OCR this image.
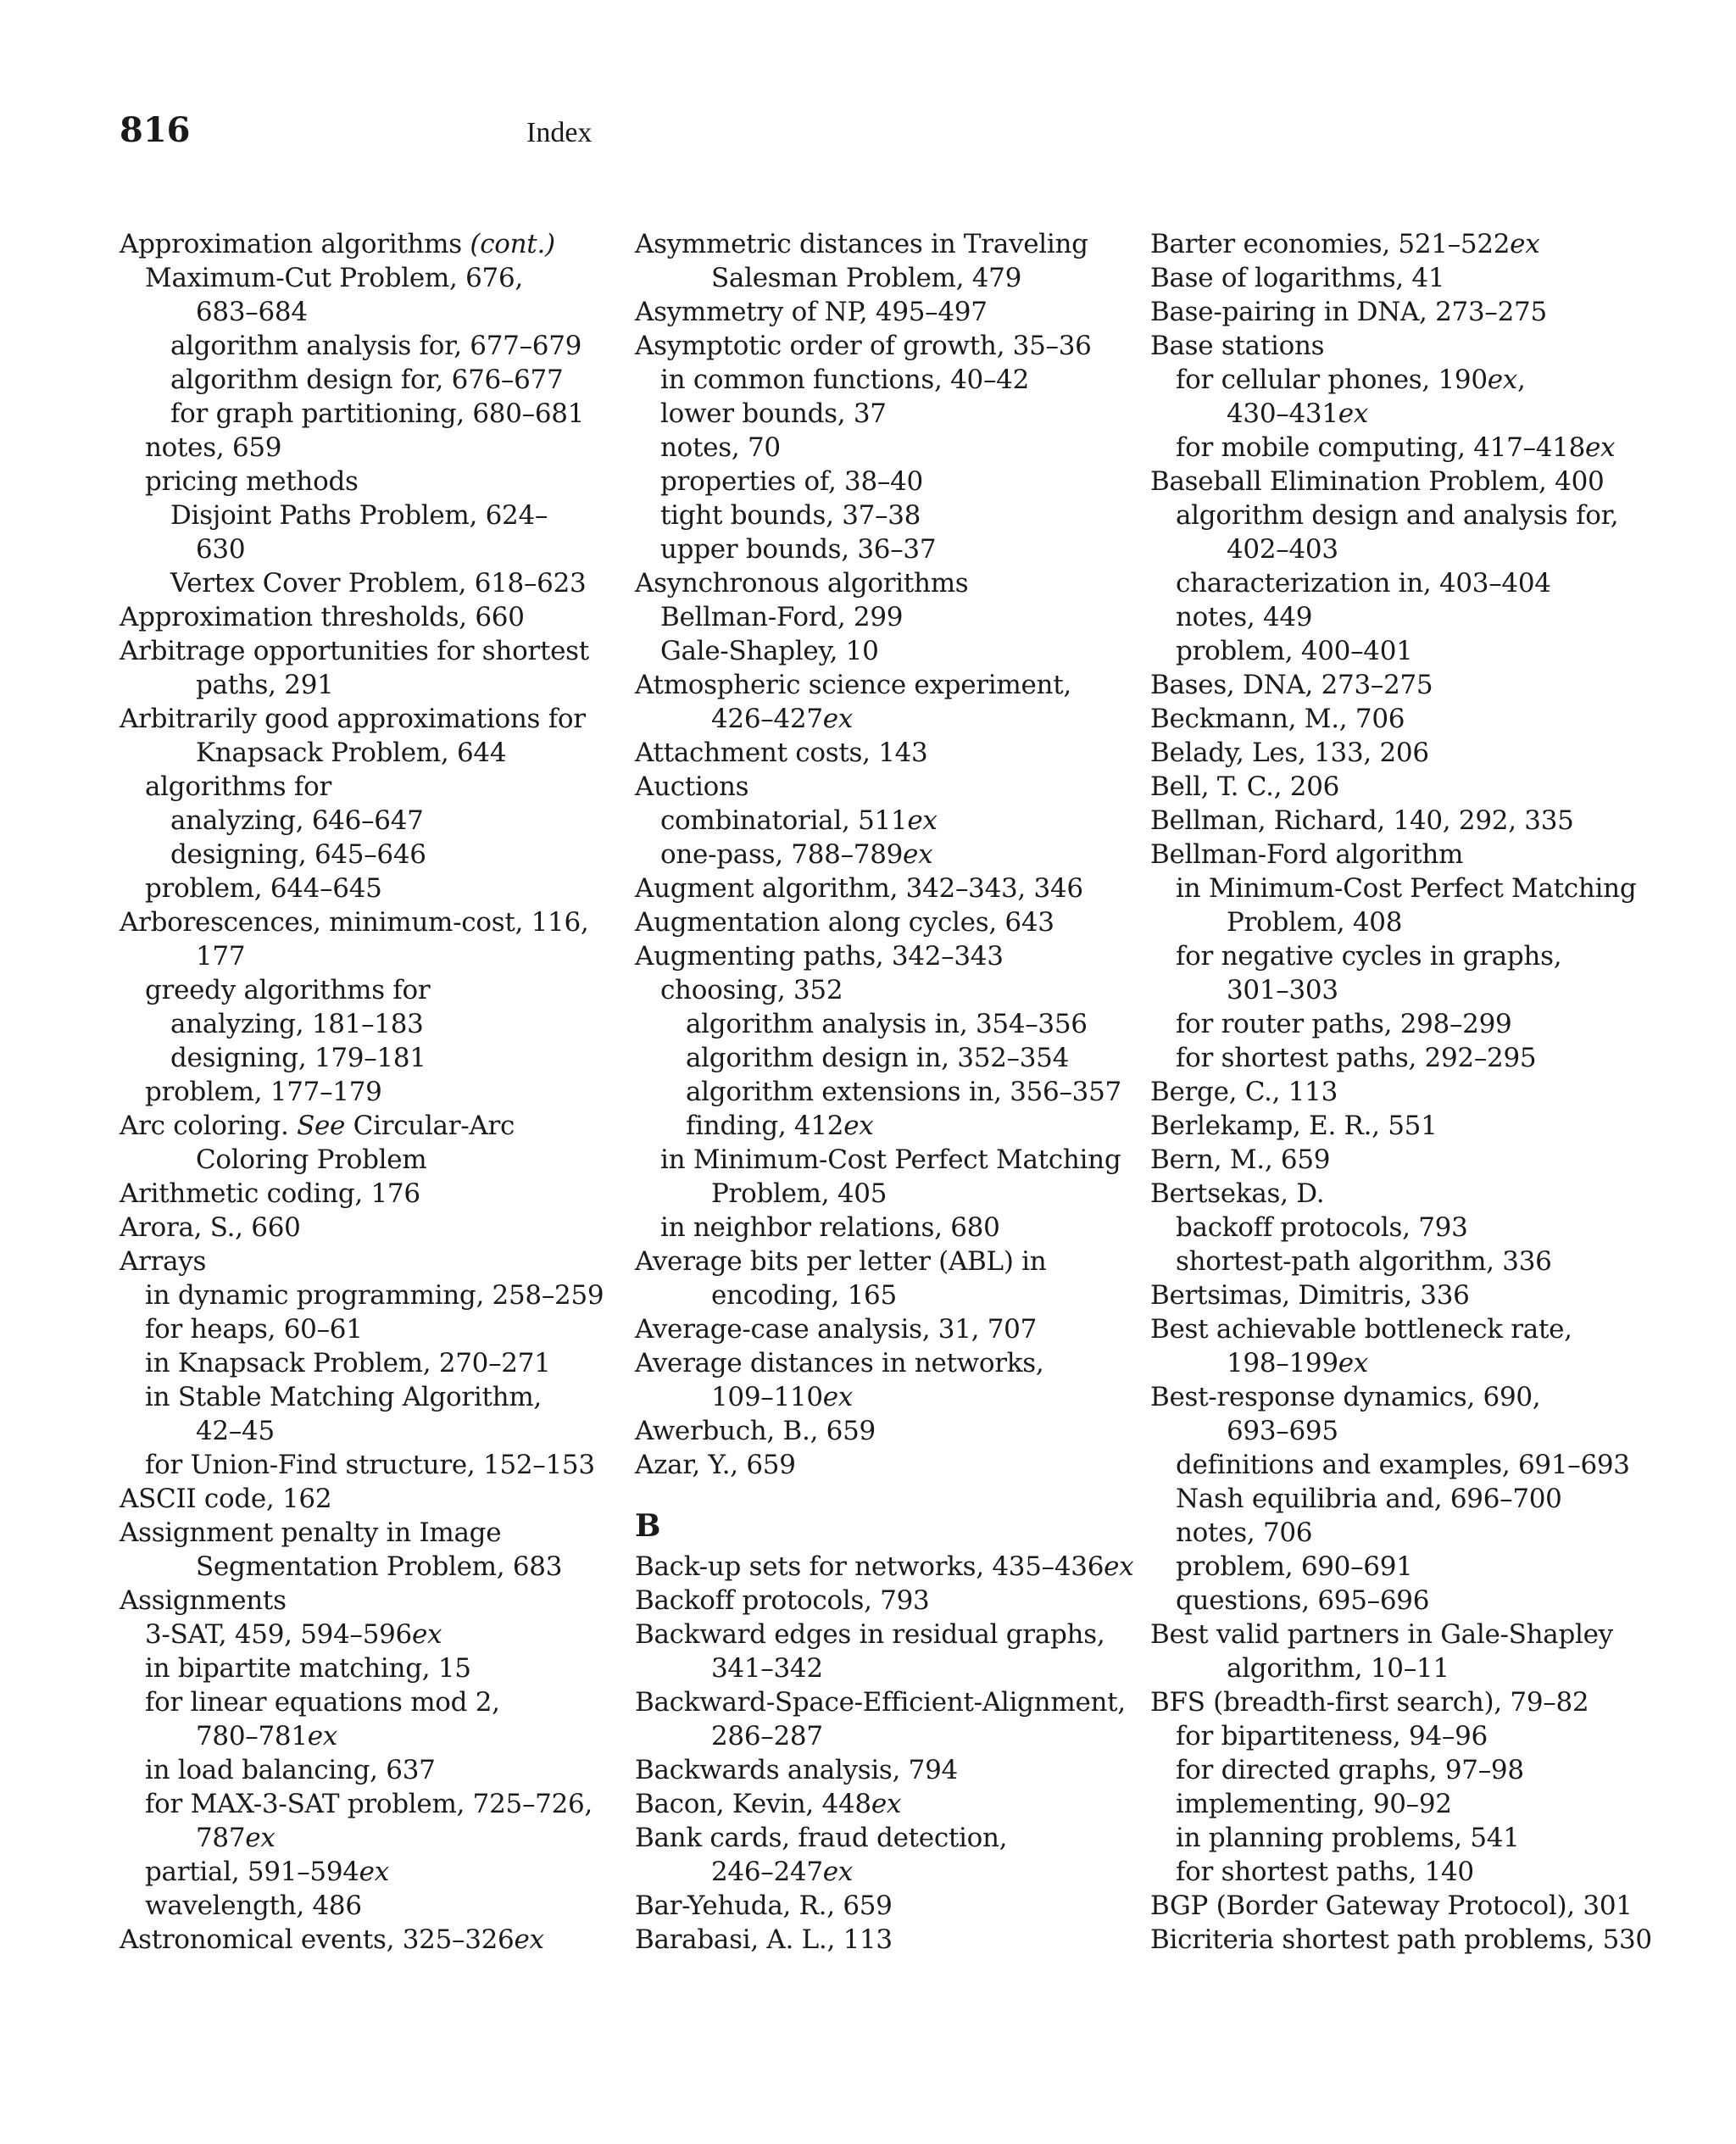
816	Index
Approximation algorithms (cont.)
Maximum-Cut Problem, 676,
683–684
algorithm analysis for, 677–679
algorithm design for, 676–677
for graph partitioning, 680–681
notes, 659
pricing methods
Disjoint Paths Problem, 624–
630
Vertex Cover Problem, 618–623
Approximation thresholds, 660
Arbitrage opportunities for shortest
paths, 291
Arbitrarily good approximations for
Knapsack Problem, 644
algorithms for
analyzing, 646–647
designing, 645–646
problem, 644–645
Arborescences, minimum-cost, 116,
177
greedy algorithms for
analyzing, 181–183
designing, 179–181
problem, 177–179
Arc coloring. See Circular-Arc
Coloring Problem
Arithmetic coding, 176
Arora, S., 660
Arrays
in dynamic programming, 258–259
for heaps, 60–61
in Knapsack Problem, 270–271
in Stable Matching Algorithm,
42–45
for Union-Find structure, 152–153
ASCII code, 162
Assignment penalty in Image
Segmentation Problem, 683
Assignments
3-SAT, 459, 594–596ex
in bipartite matching, 15
for linear equations mod 2,
780–781ex
in load balancing, 637
for MAX-3-SAT problem, 725–726,
787ex
partial, 591–594ex
wavelength, 486
Astronomical events, 325–326ex
Asymmetric distances in Traveling
Salesman Problem, 479
Asymmetry of NP, 495–497
Asymptotic order of growth, 35–36
in common functions, 40–42
lower bounds, 37
notes, 70
properties of, 38–40
tight bounds, 37–38
upper bounds, 36–37
Asynchronous algorithms
Bellman-Ford, 299
Gale-Shapley, 10
Atmospheric science experiment,
426–427ex
Attachment costs, 143
Auctions
combinatorial, 511ex
one-pass, 788–789ex
Augment algorithm, 342–343, 346
Augmentation along cycles, 643
Augmenting paths, 342–343
choosing, 352
algorithm analysis in, 354–356
algorithm design in, 352–354
algorithm extensions in, 356–357
finding, 412ex
in Minimum-Cost Perfect Matching
Problem, 405
in neighbor relations, 680
Average bits per letter (ABL) in
encoding, 165
Average-case analysis, 31, 707
Average distances in networks,
109–110ex
Awerbuch, B., 659
Azar, Y., 659
B
Back-up sets for networks, 435–436ex
Backoff protocols, 793
Backward edges in residual graphs,
341–342
Backward-Space-Efficient-Alignment,
286–287
Backwards analysis, 794
Bacon, Kevin, 448ex
Bank cards, fraud detection,
246–247ex
Bar-Yehuda, R., 659
Barabasi, A. L., 113
Barter economies, 521–522ex
Base of logarithms, 41
Base-pairing in DNA, 273–275
Base stations
for cellular phones, 190ex,
430–431ex
for mobile computing, 417–418ex
Baseball Elimination Problem, 400
algorithm design and analysis for,
402–403
characterization in, 403–404
notes, 449
problem, 400–401
Bases, DNA, 273–275
Beckmann, M., 706
Belady, Les, 133, 206
Bell, T. C., 206
Bellman, Richard, 140, 292, 335
Bellman-Ford algorithm
in Minimum-Cost Perfect Matching
Problem, 408
for negative cycles in graphs,
301–303
for router paths, 298–299
for shortest paths, 292–295
Berge, C., 113
Berlekamp, E. R., 551
Bern, M., 659
Bertsekas, D.
backoff protocols, 793
shortest-path algorithm, 336
Bertsimas, Dimitris, 336
Best achievable bottleneck rate,
198–199ex
Best-response dynamics, 690,
693–695
definitions and examples, 691–693
Nash equilibria and, 696–700
notes, 706
problem, 690–691
questions, 695–696
Best valid partners in Gale-Shapley
algorithm, 10–11
BFS (breadth-first search), 79–82
for bipartiteness, 94–96
for directed graphs, 97–98
implementing, 90–92
in planning problems, 541
for shortest paths, 140
BGP (Border Gateway Protocol), 301
Bicriteria shortest path problems, 530
